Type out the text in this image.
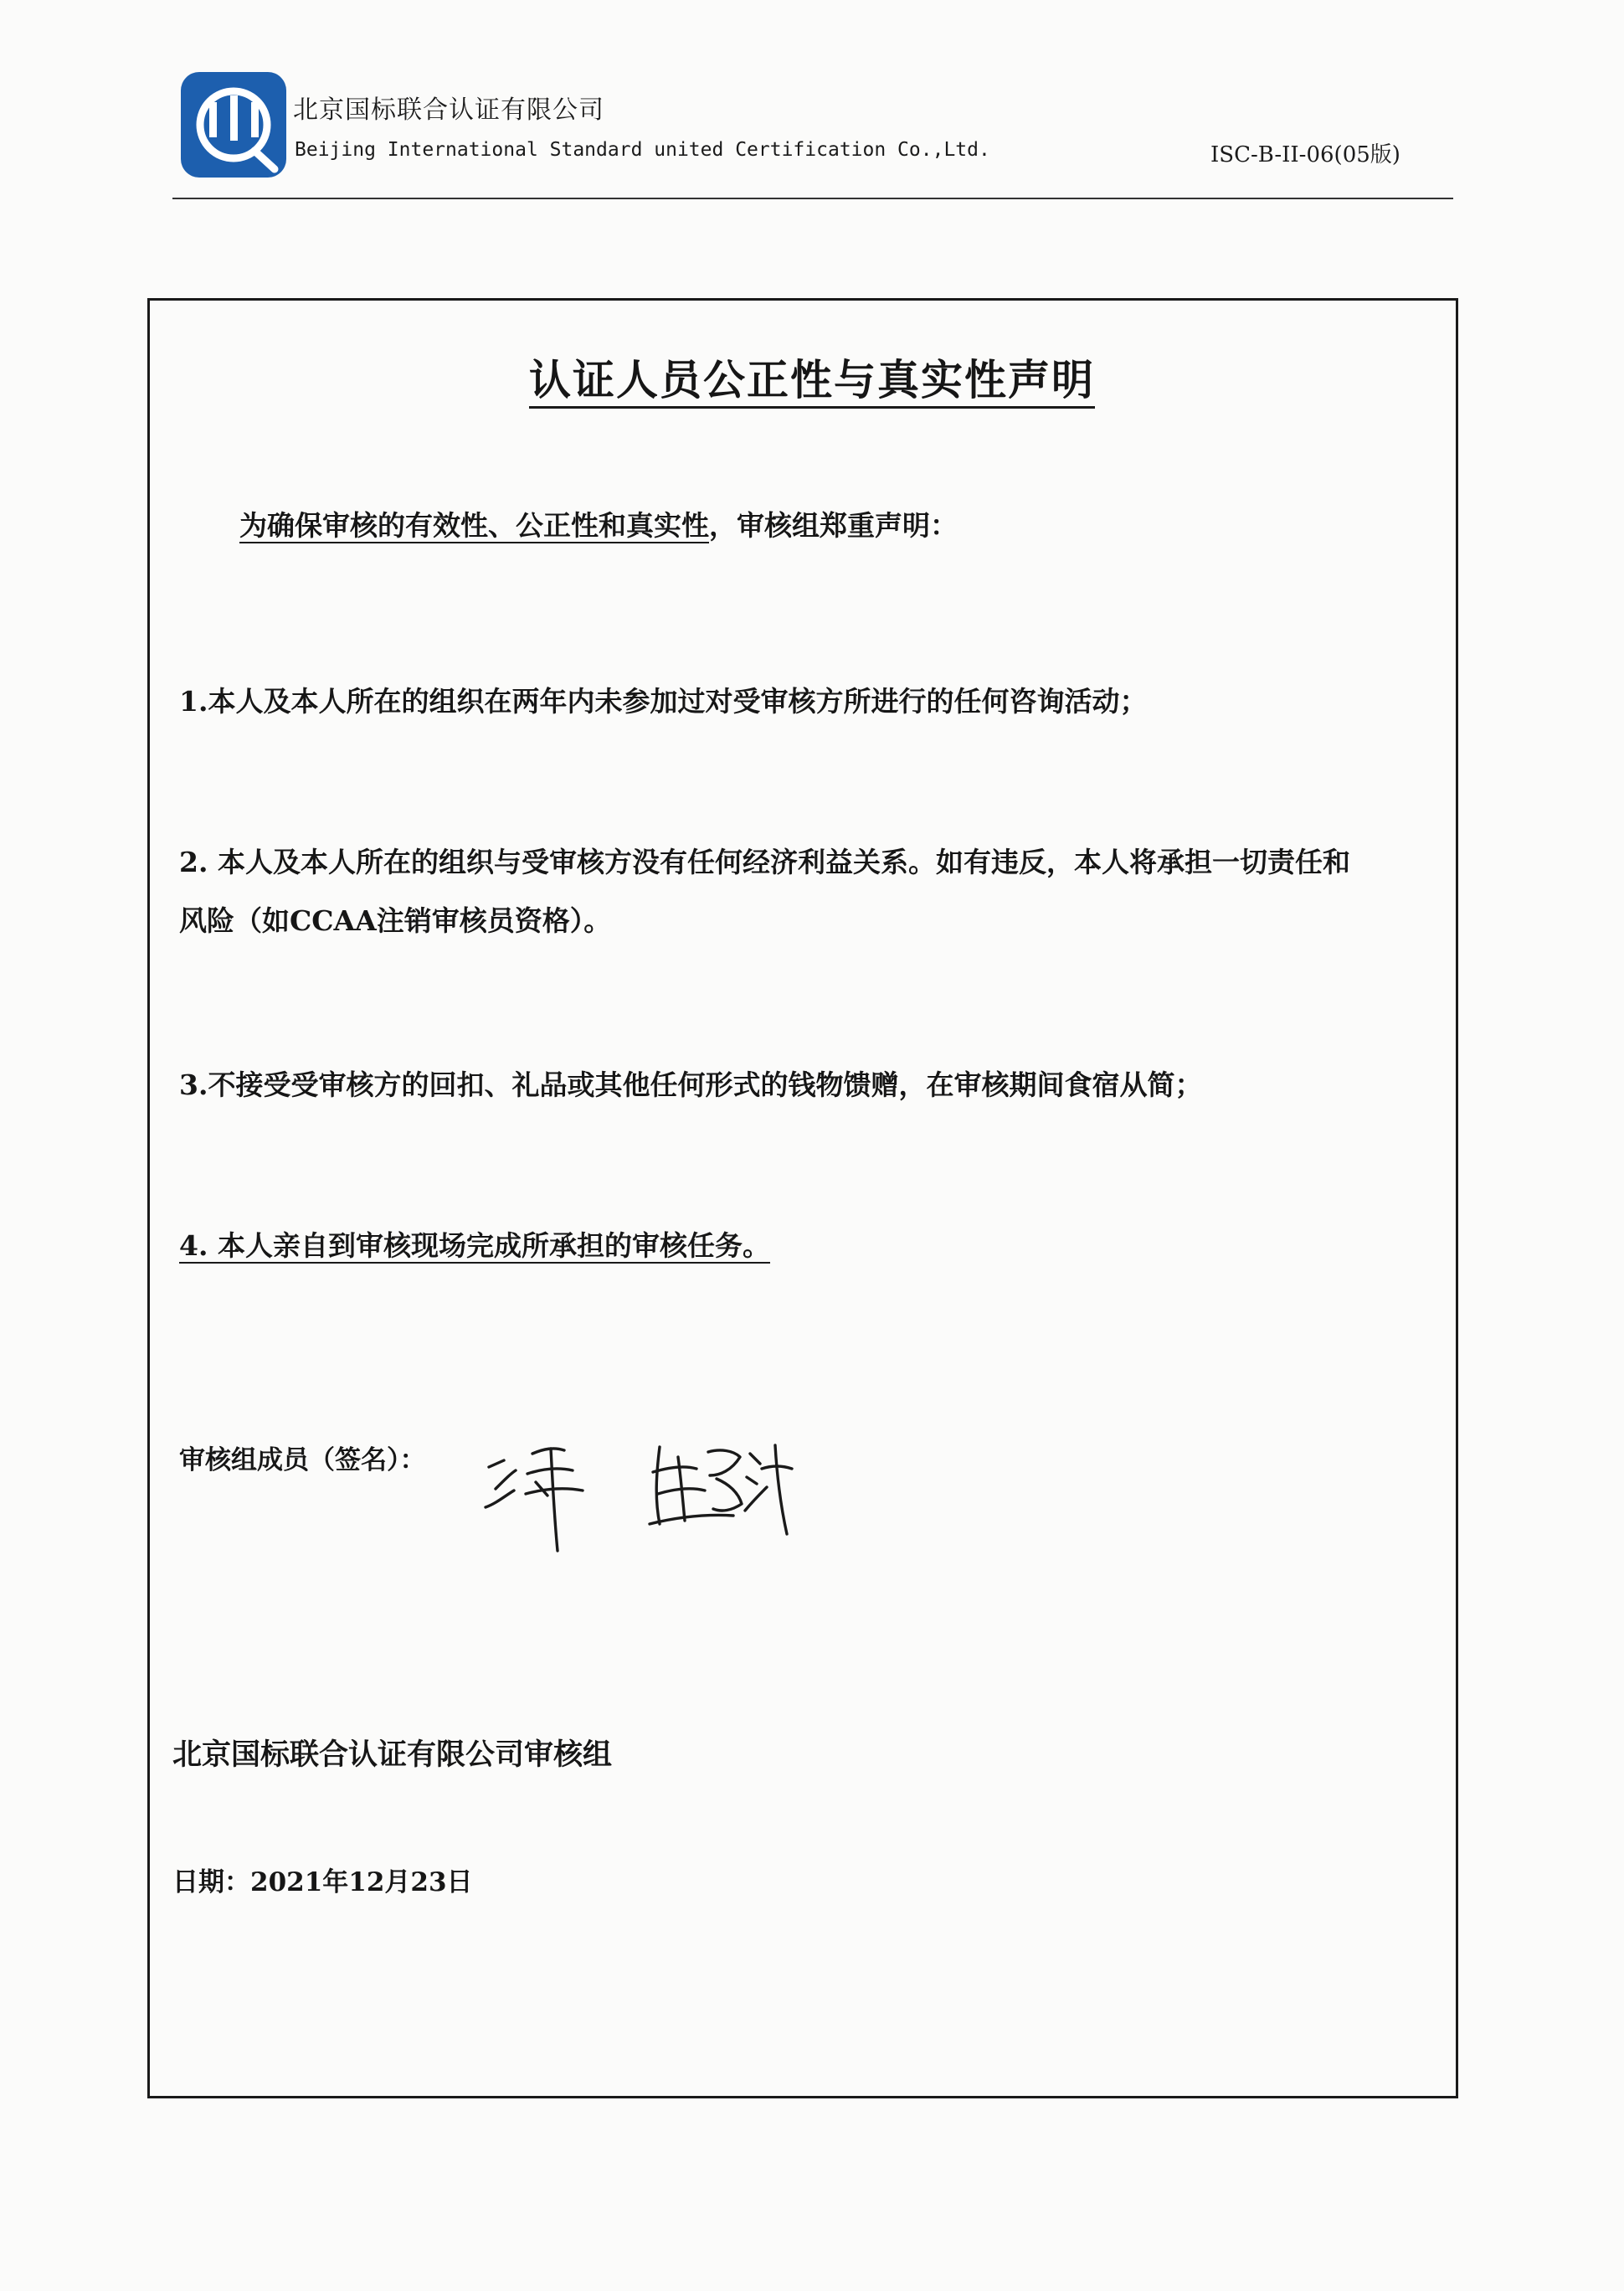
北京国标联合认证有限公司
Beijing International Standard united Certification Co.,Ltd.	ISC-B-II-06(05版)
认证人员公正性与真实性声明
为确保审核的有效性、公正性和真实性，审核组郑重声明：
1.本人及本人所在的组织在两年内未参加过对受审核方所进行的任何咨询活动；
2. 本人及本人所在的组织与受审核方没有任何经济利益关系。如有违反，本人将承担一切责任和
风险（如CCAA注销审核员资格）。
3.不接受受审核方的回扣、礼品或其他任何形式的钱物馈赠，在审核期间食宿从简；
4. 本人亲自到审核现场完成所承担的审核任务。
审核组成员（签名）：
北京国标联合认证有限公司审核组
日期：2021年12月23日
